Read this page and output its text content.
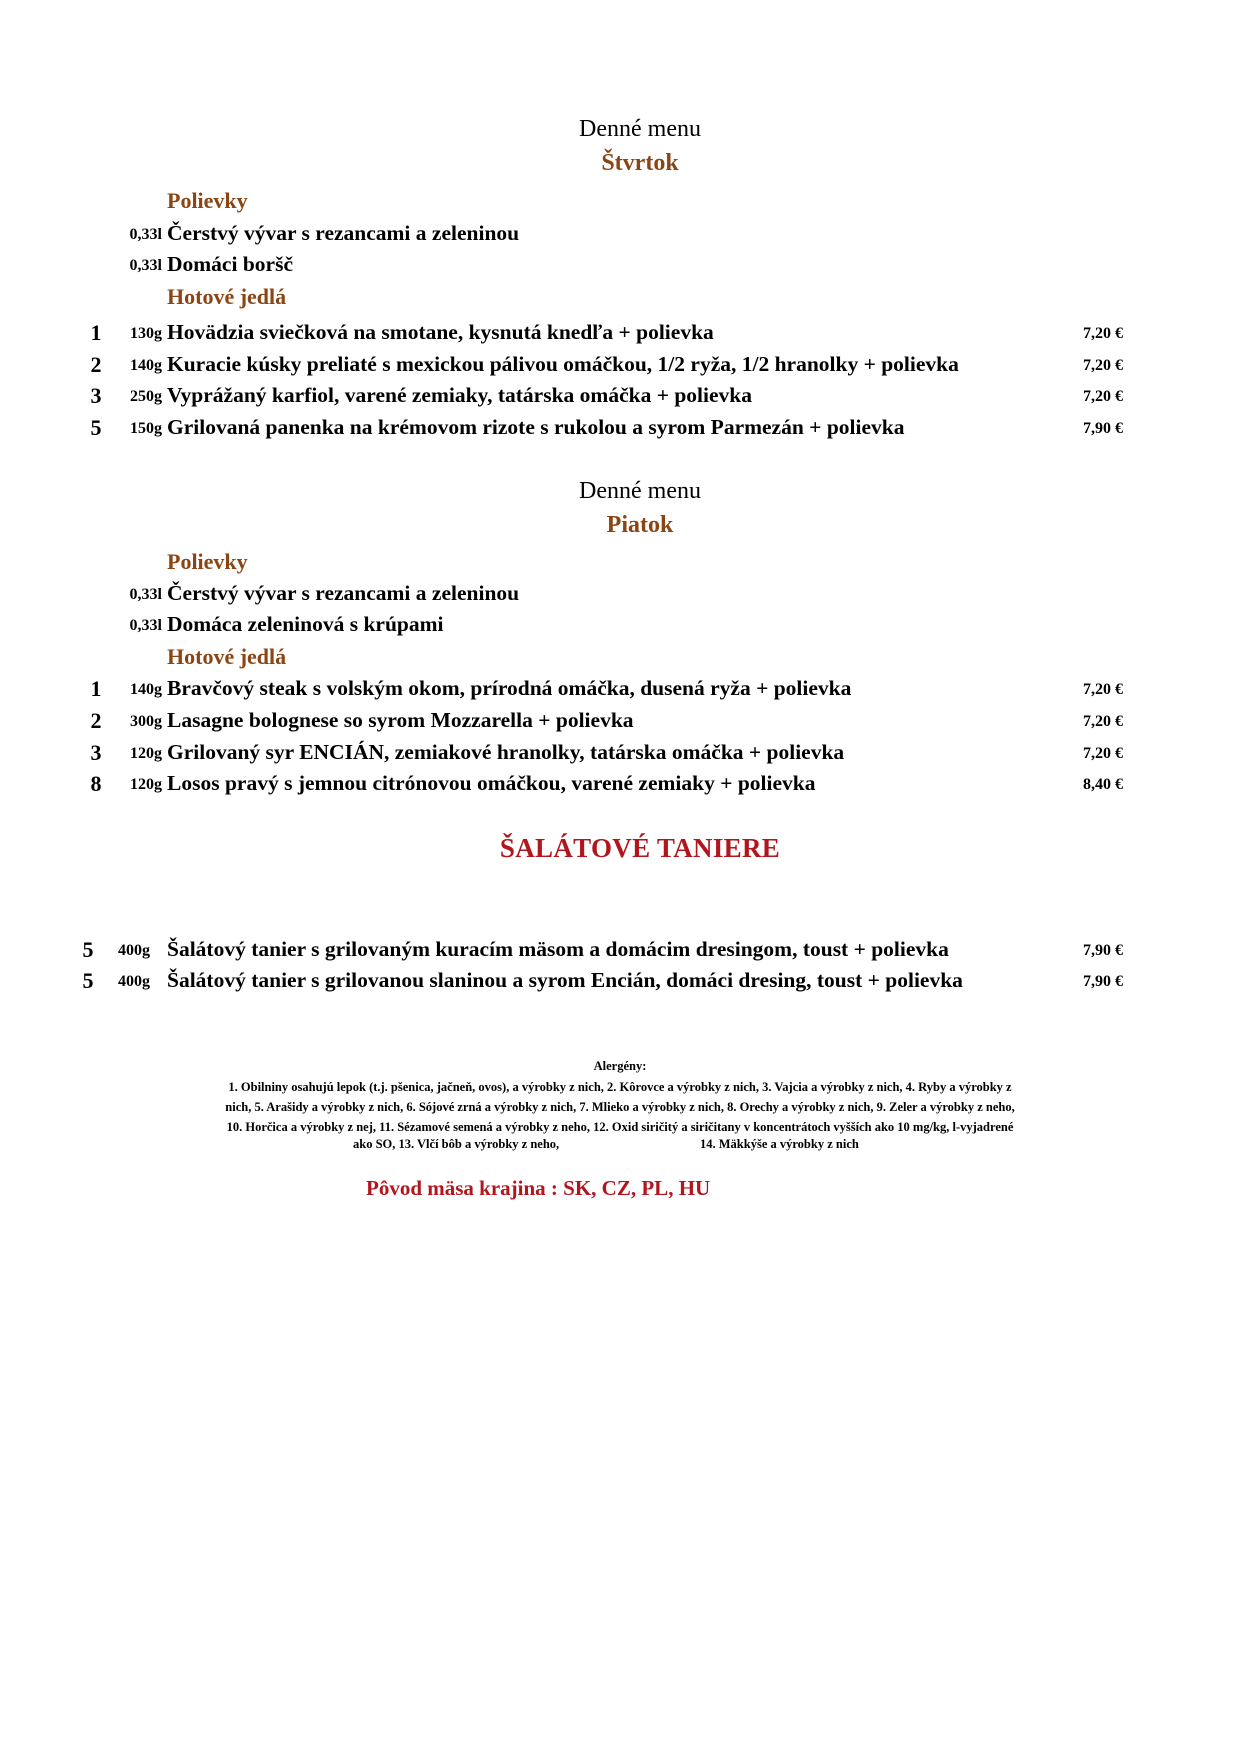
Denné menu
Štvrtok
Polievky
0,33l Čerstvý vývar s rezancami a zeleninou
0,33l Domáci boršč
Hotové jedlá
1 130g Hovädzia sviečková na smotane, kysnutá knedľa + polievka	7,20 €
2 140g Kuracie kúsky preliaté s mexickou pálivou omáčkou, 1/2 ryža, 1/2 hranolky + polievka	7,20 €
3 250g Vyprážaný karfiol, varené zemiaky, tatárska omáčka + polievka	7,20 €
5 150g Grilovaná panenka na krémovom rizote s rukolou a syrom Parmezán + polievka	7,90 €
Denné menu
Piatok
Polievky
0,33l Čerstvý vývar s rezancami a zeleninou
0,33l Domáca zeleninová s krúpami
Hotové jedlá
1 140g Bravčový steak s volským okom, prírodná omáčka, dusená ryža + polievka	7,20 €
2 300g Lasagne bolognese so syrom Mozzarella + polievka	7,20 €
3 120g Grilovaný syr ENCIÁN, zemiakové hranolky, tatárska omáčka + polievka	7,20 €
8 120g Losos pravý s jemnou citrónovou omáčkou, varené zemiaky + polievka	8,40 €
ŠALÁTOVÉ TANIERE
5 400g Šalátový tanier s grilovaným kuracím mäsom a domácim dresingom, toust + polievka	7,90 €
5 400g Šalátový tanier s grilovanou slaninou a syrom Encián, domáci dresing, toust + polievka	7,90 €
Alergény:
1. Obilniny osahujú lepok (t.j. pšenica, jačneň, ovos), a výrobky z nich, 2. Kôrovce a výrobky z nich, 3. Vajcia a výrobky z nich, 4. Ryby a výrobky z
nich, 5. Arašidy a výrobky z nich, 6. Sójové zrná a výrobky z nich, 7. Mlieko a výrobky z nich, 8. Orechy a výrobky z nich, 9. Zeler a výrobky z neho,
10. Horčica a výrobky z nej, 11. Sézamové semená a výrobky z neho, 12. Oxid siričitý a siričitany v koncentrátoch vyšších ako 10 mg/kg, l-vyjadrené
ako SO, 13. Vlčí bôb a výrobky z neho,	14. Mäkkýše a výrobky z nich
Pôvod mäsa krajina : SK, CZ, PL, HU
